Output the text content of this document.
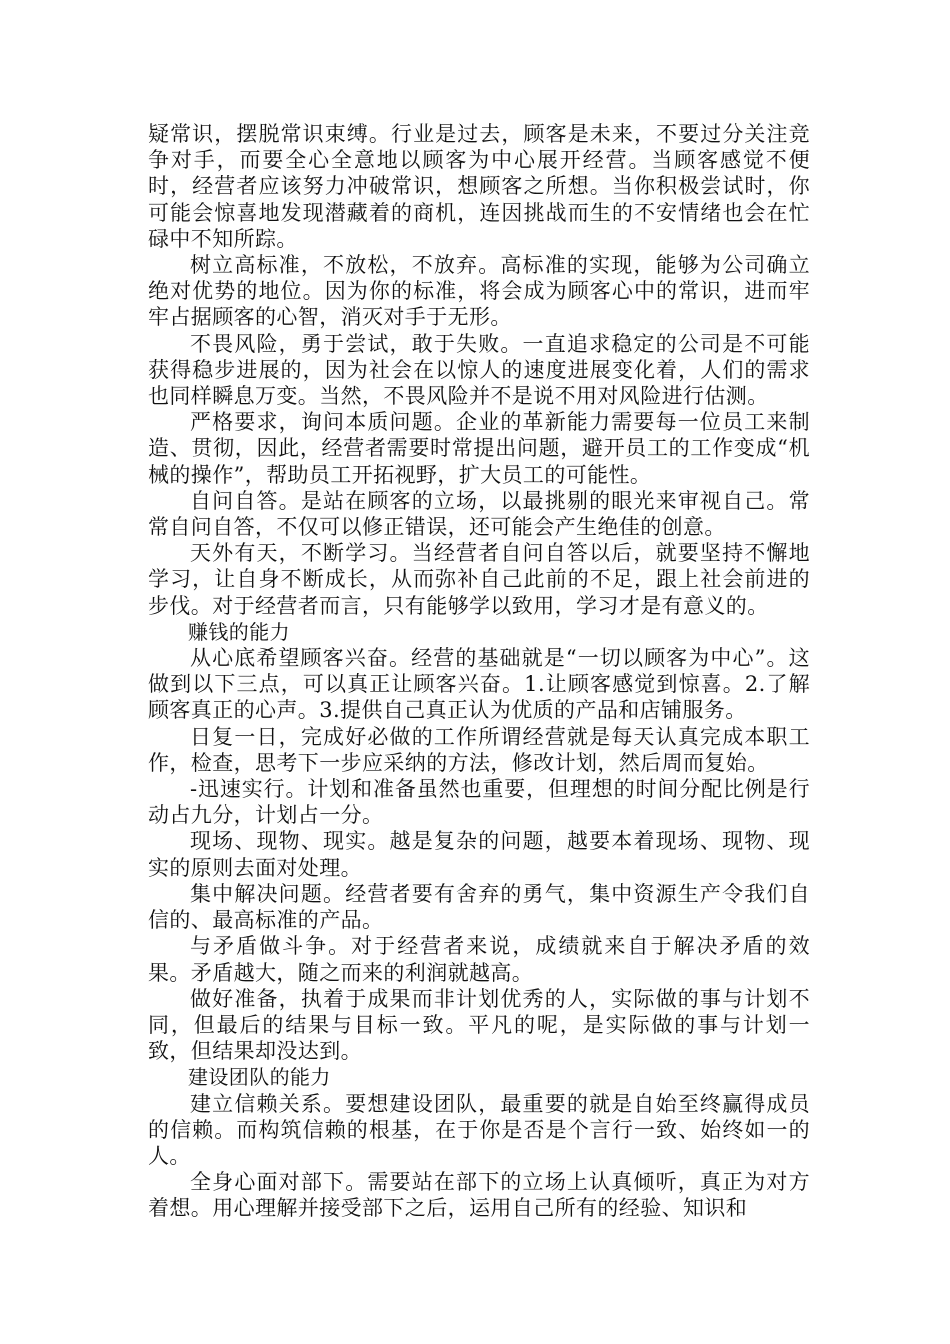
疑常识，摆脱常识束缚。行业是过去，顾客是未来，不要过分关注竞争对手，而要全心全意地以顾客为中心展开经营。当顾客感觉不便时，经营者应该努力冲破常识，想顾客之所想。当你积极尝试时，你可能会惊喜地发现潜藏着的商机，连因挑战而生的不安情绪也会在忙碌中不知所踪。

树立高标准，不放松，不放弃。高标准的实现，能够为公司确立绝对优势的地位。因为你的标准，将会成为顾客心中的常识，进而牢牢占据顾客的心智，消灭对手于无形。

不畏风险，勇于尝试，敢于失败。一直追求稳定的公司是不可能获得稳步进展的，因为社会在以惊人的速度进展变化着，人们的需求也同样瞬息万变。当然，不畏风险并不是说不用对风险进行估测。

严格要求，询问本质问题。企业的革新能力需要每一位员工来制造、贯彻，因此，经营者需要时常提出问题，避开员工的工作变成“机械的操作”，帮助员工开拓视野，扩大员工的可能性。

自问自答。是站在顾客的立场，以最挑剔的眼光来审视自己。常常自问自答，不仅可以修正错误，还可能会产生绝佳的创意。

天外有天，不断学习。当经营者自问自答以后，就要坚持不懈地学习，让自身不断成长，从而弥补自己此前的不足，跟上社会前进的步伐。对于经营者而言，只有能够学以致用，学习才是有意义的。

赚钱的能力

从心底希望顾客兴奋。经营的基础就是“一切以顾客为中心”。这做到以下三点，可以真正让顾客兴奋。1.让顾客感觉到惊喜。2.了解顾客真正的心声。3.提供自己真正认为优质的产品和店铺服务。

日复一日，完成好必做的工作所谓经营就是每天认真完成本职工作，检查，思考下一步应采纳的方法，修改计划，然后周而复始。

-迅速实行。计划和准备虽然也重要，但理想的时间分配比例是行动占九分，计划占一分。

现场、现物、现实。越是复杂的问题，越要本着现场、现物、现实的原则去面对处理。

集中解决问题。经营者要有舍弃的勇气，集中资源生产令我们自信的、最高标准的产品。

与矛盾做斗争。对于经营者来说，成绩就来自于解决矛盾的效果。矛盾越大，随之而来的利润就越高。

做好准备，执着于成果而非计划优秀的人，实际做的事与计划不同，但最后的结果与目标一致。平凡的呢，是实际做的事与计划一致，但结果却没达到。

建设团队的能力

建立信赖关系。要想建设团队，最重要的就是自始至终赢得成员的信赖。而构筑信赖的根基，在于你是否是个言行一致、始终如一的人。

全身心面对部下。需要站在部下的立场上认真倾听，真正为对方着想。用心理解并接受部下之后，运用自己所有的经验、知识和
